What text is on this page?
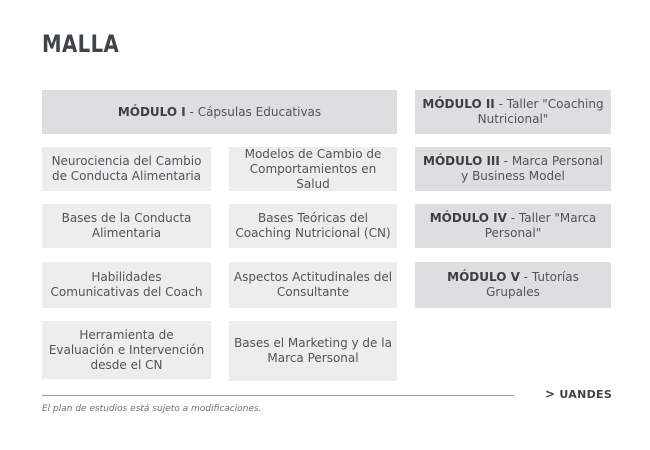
MALLA
MÓDULO I - Cápsulas Educativas
MÓDULO II - Taller "Coaching Nutricional"
MÓDULO III - Marca Personal y Business Model
MÓDULO IV - Taller "Marca Personal"
MÓDULO V - Tutorías Grupales
Neurociencia del Cambio de Conducta Alimentaria
Modelos de Cambio de Comportamientos en Salud
Bases de la Conducta Alimentaria
Bases Teóricas del Coaching Nutricional (CN)
Habilidades Comunicativas del Coach
Aspectos Actitudinales del Consultante
Herramienta de Evaluación e Intervención desde el CN
Bases el Marketing y de la Marca Personal
> UANDES
El plan de estudios está sujeto a modificaciones.
